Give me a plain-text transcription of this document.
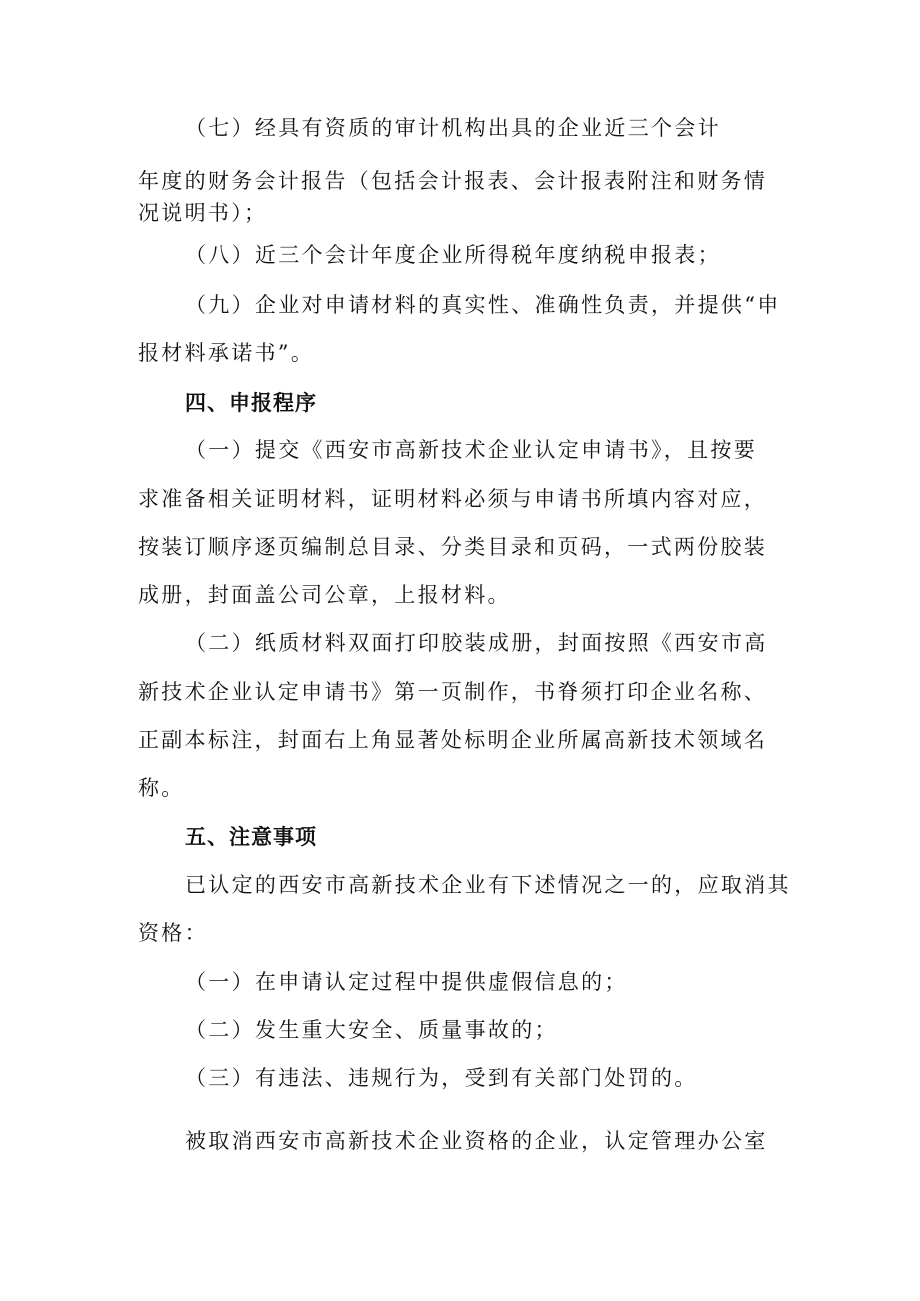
（七）经具有资质的审计机构出具的企业近三个会计
年度的财务会计报告（包括会计报表、会计报表附注和财务情
况说明书）；
（八）近三个会计年度企业所得税年度纳税申报表；
（九）企业对申请材料的真实性、准确性负责，并提供“申
报材料承诺书”。
四、申报程序
（一）提交《西安市高新技术企业认定申请书》，且按要
求准备相关证明材料，证明材料必须与申请书所填内容对应，
按装订顺序逐页编制总目录、分类目录和页码，一式两份胶装
成册，封面盖公司公章，上报材料。
（二）纸质材料双面打印胶装成册，封面按照《西安市高
新技术企业认定申请书》第一页制作，书脊须打印企业名称、
正副本标注，封面右上角显著处标明企业所属高新技术领域名
称。
五、注意事项
已认定的西安市高新技术企业有下述情况之一的，应取消其
资格：
（一）在申请认定过程中提供虚假信息的；
（二）发生重大安全、质量事故的；
（三）有违法、违规行为，受到有关部门处罚的。
被取消西安市高新技术企业资格的企业，认定管理办公室
